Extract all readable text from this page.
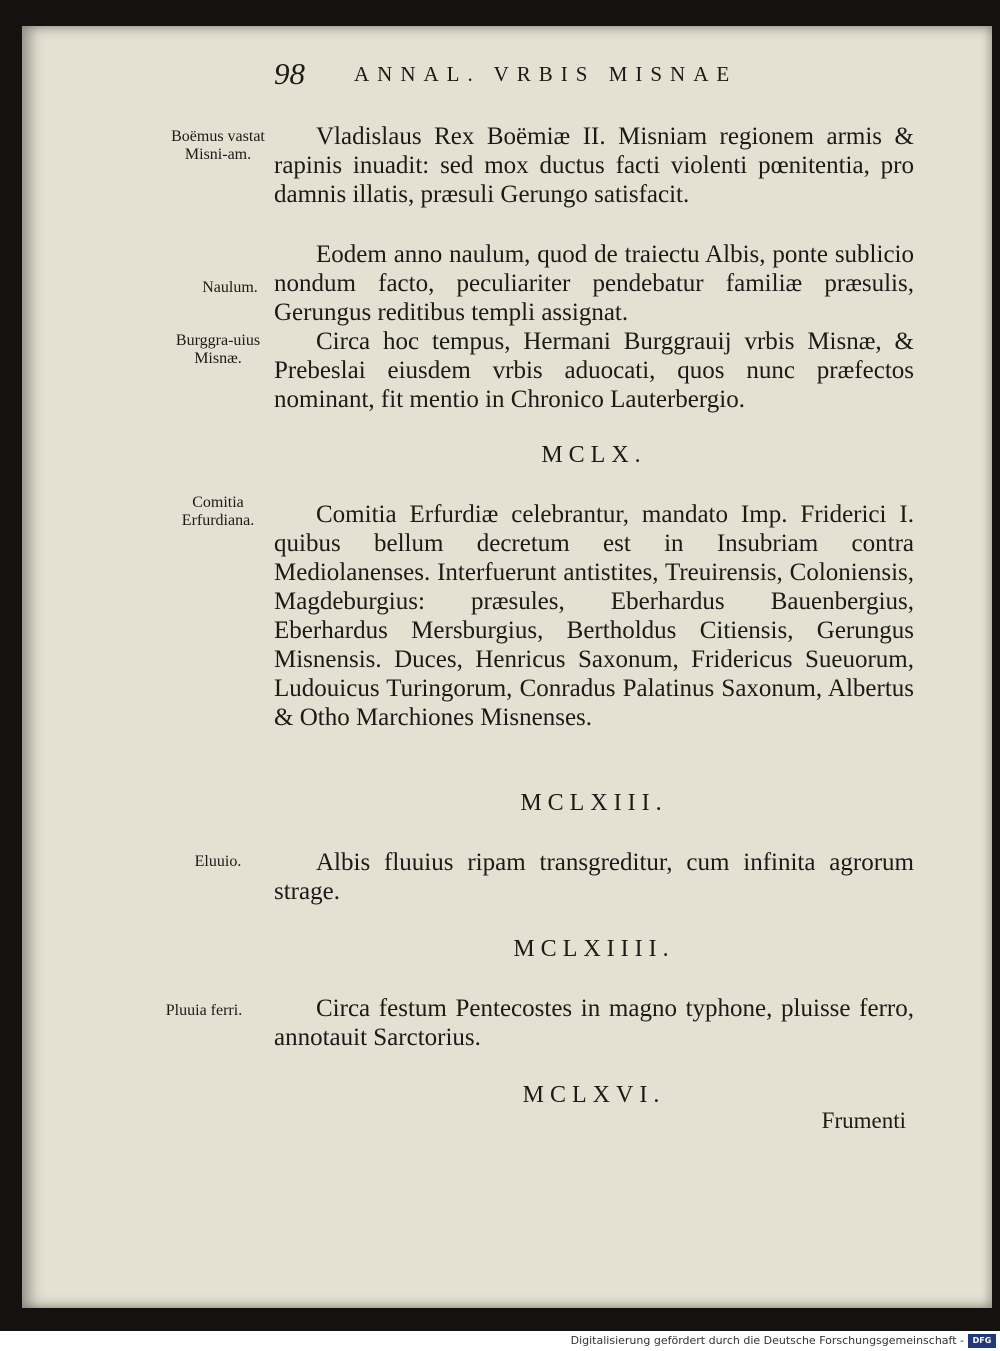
98 ANNAL. VRBIS MISNAE
Boëmus vastat Misni-am.
Naulum.
Burggra-uius Misnæ.
Comitia Erfurdiana.
Eluuio.
Pluuia ferri.

Vladislaus Rex Boëmiæ II. Misniam regionem armis & rapinis inuadit: sed mox ductus facti violenti pœnitentia, pro damnis illatis, præsuli Gerungo satisfacit.

Eodem anno naulum, quod de traiectu Albis, ponte sublicio nondum facto, peculiariter pendebatur familiæ præsulis, Gerungus reditibus templi assignat.

Circa hoc tempus, Hermani Burggrauij vrbis Misnæ, & Prebeslai eiusdem vrbis aduocati, quos nunc præfectos nominant, fit mentio in Chronico Lauterbergio.

MCLX.

Comitia Erfurdiæ celebrantur, mandato Imp. Friderici I. quibus bellum decretum est in Insubriam contra Mediolanenses. Interfuerunt antistites, Treuirensis, Coloniensis, Magdeburgius: præsules, Eberhardus Bauenbergius, Eberhardus Mersburgius, Bertholdus Citiensis, Gerungus Misnensis. Duces, Henricus Saxonum, Fridericus Sueuorum, Ludouicus Turingorum, Conradus Palatinus Saxonum, Albertus & Otho Marchiones Misnenses.

MCLXIII.

Albis fluuius ripam transgreditur, cum infinita agrorum strage.

MCLXIIII.

Circa festum Pentecostes in magno typhone, pluisse ferro, annotauit Sarctorius.

MCLXVI.
Frumenti
Digitalisierung gefördert durch die Deutsche Forschungsgemeinschaft -	DFG
